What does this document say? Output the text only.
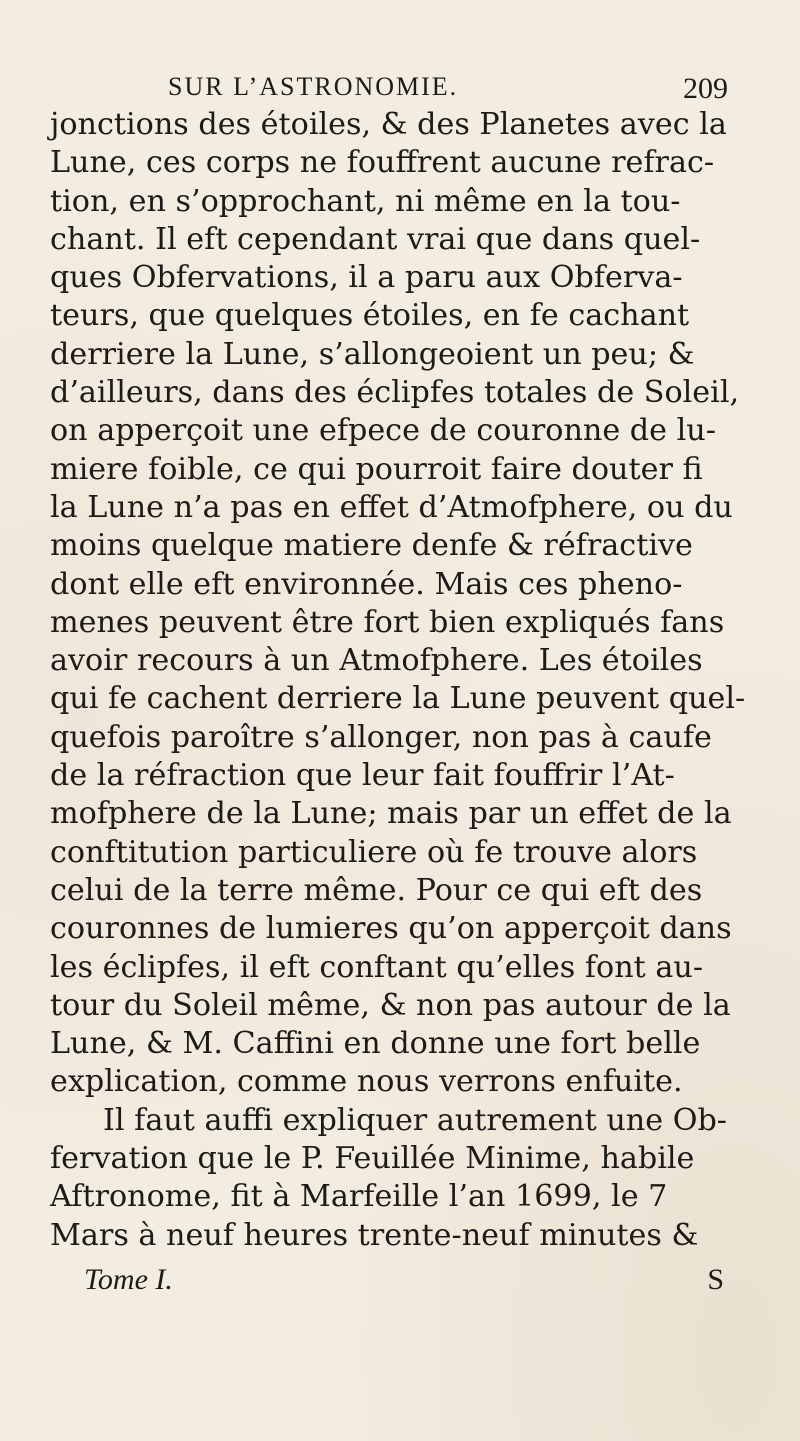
SUR L’ASTRONOMIE.	209
jonctions des étoiles, & des Planetes avec la
Lune, ces corps ne fouffrent aucune refrac-
tion, en s’opprochant, ni même en la tou-
chant. Il eft cependant vrai que dans quel-
ques Obfervations, il a paru aux Obferva-
teurs, que quelques étoiles, en fe cachant
derriere la Lune, s’allongeoient un peu; &
d’ailleurs, dans des éclipfes totales de Soleil,
on apperçoit une efpece de couronne de lu-
miere foible, ce qui pourroit faire douter fi
la Lune n’a pas en effet d’Atmofphere, ou du
moins quelque matiere denfe & réfractive
dont elle eft environnée. Mais ces pheno-
menes peuvent être fort bien expliqués fans
avoir recours à un Atmofphere. Les étoiles
qui fe cachent derriere la Lune peuvent quel-
quefois paroître s’allonger, non pas à caufe
de la réfraction que leur fait fouffrir l’At-
mofphere de la Lune; mais par un effet de la
conftitution particuliere où fe trouve alors
celui de la terre même. Pour ce qui eft des
couronnes de lumieres qu’on apperçoit dans
les éclipfes, il eft conftant qu’elles font au-
tour du Soleil même, & non pas autour de la
Lune, & M. Caffini en donne une fort belle
explication, comme nous verrons enfuite.
Il faut auffi expliquer autrement une Ob-
fervation que le P. Feuillée Minime, habile
Aftronome, fit à Marfeille l’an 1699, le 7
Mars à neuf heures trente-neuf minutes &
Tome I.	S
